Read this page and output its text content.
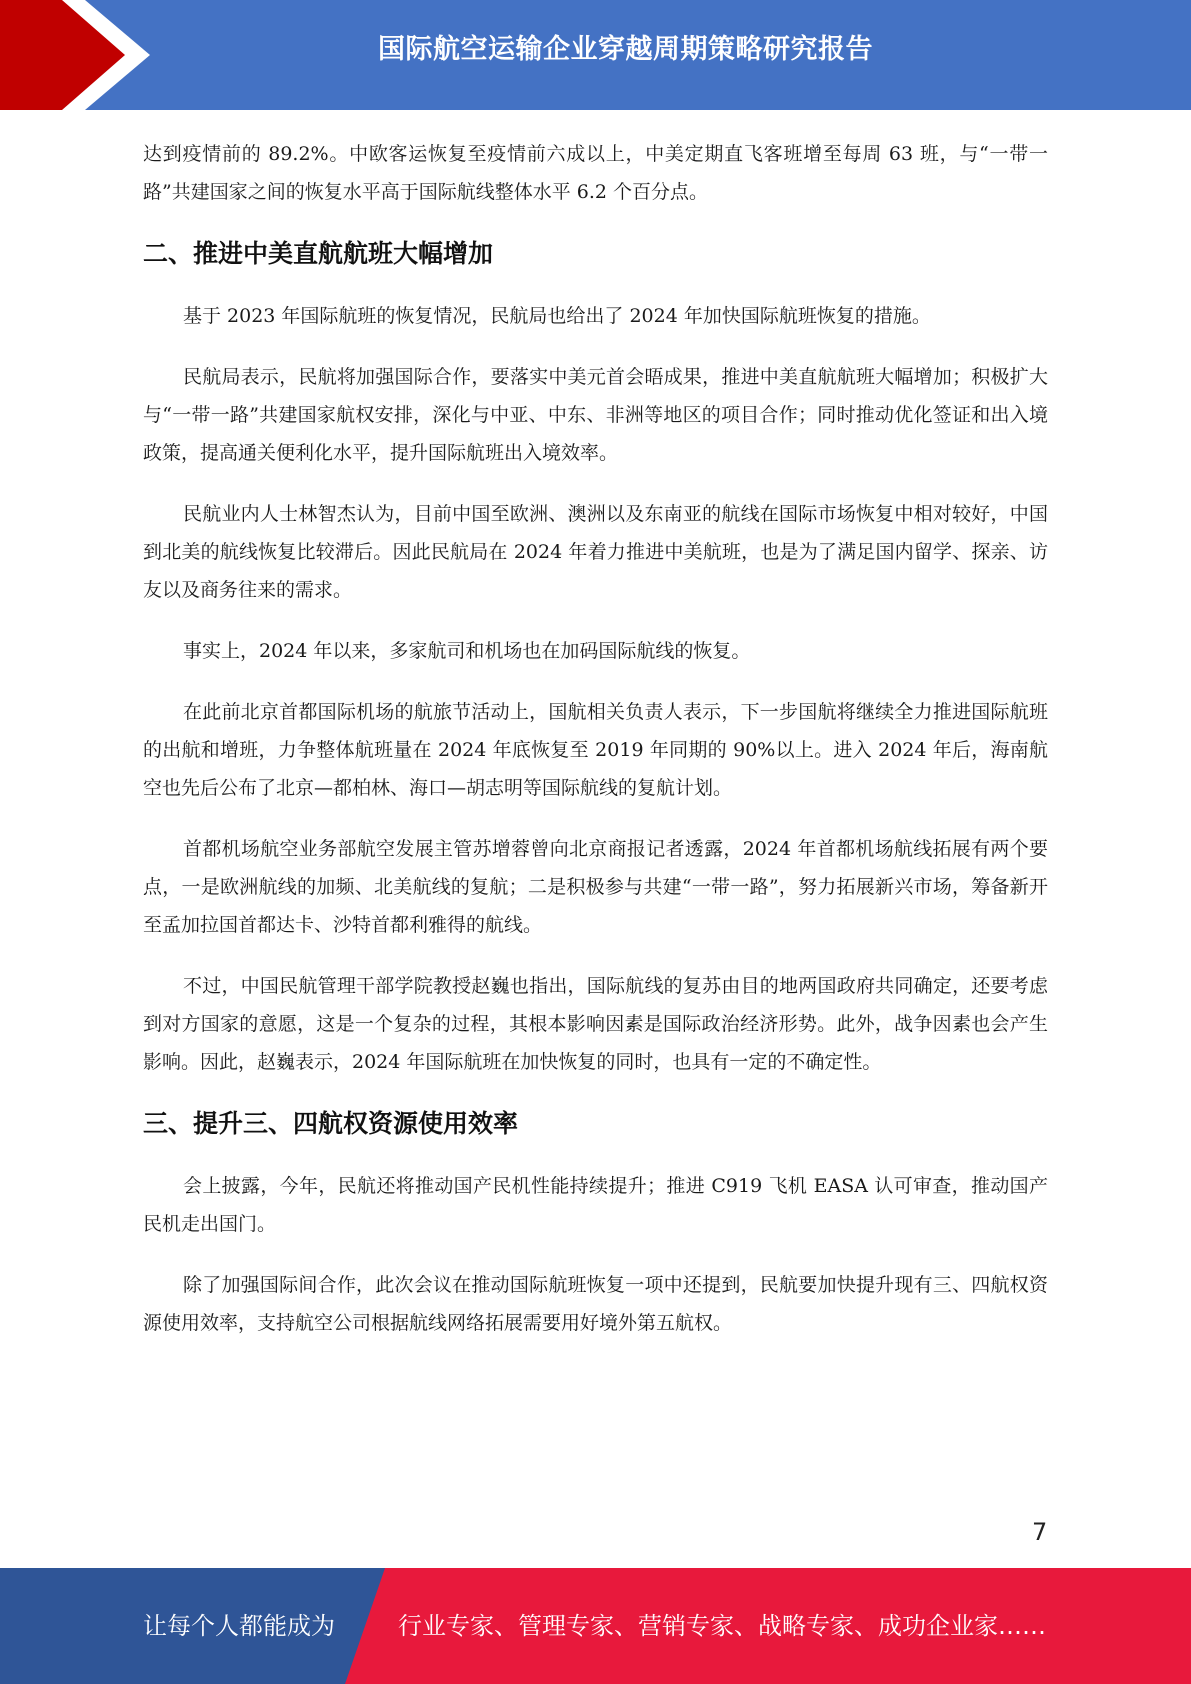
国际航空运输企业穿越周期策略研究报告

达到疫情前的 89.2%。中欧客运恢复至疫情前六成以上，中美定期直飞客班增至每周 63 班，与“一带一路”共建国家之间的恢复水平高于国际航线整体水平 6.2 个百分点。

二、推进中美直航航班大幅增加

基于 2023 年国际航班的恢复情况，民航局也给出了 2024 年加快国际航班恢复的措施。

民航局表示，民航将加强国际合作，要落实中美元首会晤成果，推进中美直航航班大幅增加；积极扩大与“一带一路”共建国家航权安排，深化与中亚、中东、非洲等地区的项目合作；同时推动优化签证和出入境政策，提高通关便利化水平，提升国际航班出入境效率。

民航业内人士林智杰认为，目前中国至欧洲、澳洲以及东南亚的航线在国际市场恢复中相对较好，中国到北美的航线恢复比较滞后。因此民航局在 2024 年着力推进中美航班，也是为了满足国内留学、探亲、访友以及商务往来的需求。

事实上，2024 年以来，多家航司和机场也在加码国际航线的恢复。

在此前北京首都国际机场的航旅节活动上，国航相关负责人表示，下一步国航将继续全力推进国际航班的出航和增班，力争整体航班量在 2024 年底恢复至 2019 年同期的 90%以上。进入 2024 年后，海南航空也先后公布了北京—都柏林、海口—胡志明等国际航线的复航计划。

首都机场航空业务部航空发展主管苏增蓉曾向北京商报记者透露，2024 年首都机场航线拓展有两个要点，一是欧洲航线的加频、北美航线的复航；二是积极参与共建“一带一路”，努力拓展新兴市场，筹备新开至孟加拉国首都达卡、沙特首都利雅得的航线。

不过，中国民航管理干部学院教授赵巍也指出，国际航线的复苏由目的地两国政府共同确定，还要考虑到对方国家的意愿，这是一个复杂的过程，其根本影响因素是国际政治经济形势。此外，战争因素也会产生影响。因此，赵巍表示，2024 年国际航班在加快恢复的同时，也具有一定的不确定性。

三、提升三、四航权资源使用效率

会上披露，今年，民航还将推动国产民机性能持续提升；推进 C919 飞机 EASA 认可审查，推动国产民机走出国门。

除了加强国际间合作，此次会议在推动国际航班恢复一项中还提到，民航要加快提升现有三、四航权资源使用效率，支持航空公司根据航线网络拓展需要用好境外第五航权。

7
让每个人都能成为	行业专家、管理专家、营销专家、战略专家、成功企业家……
